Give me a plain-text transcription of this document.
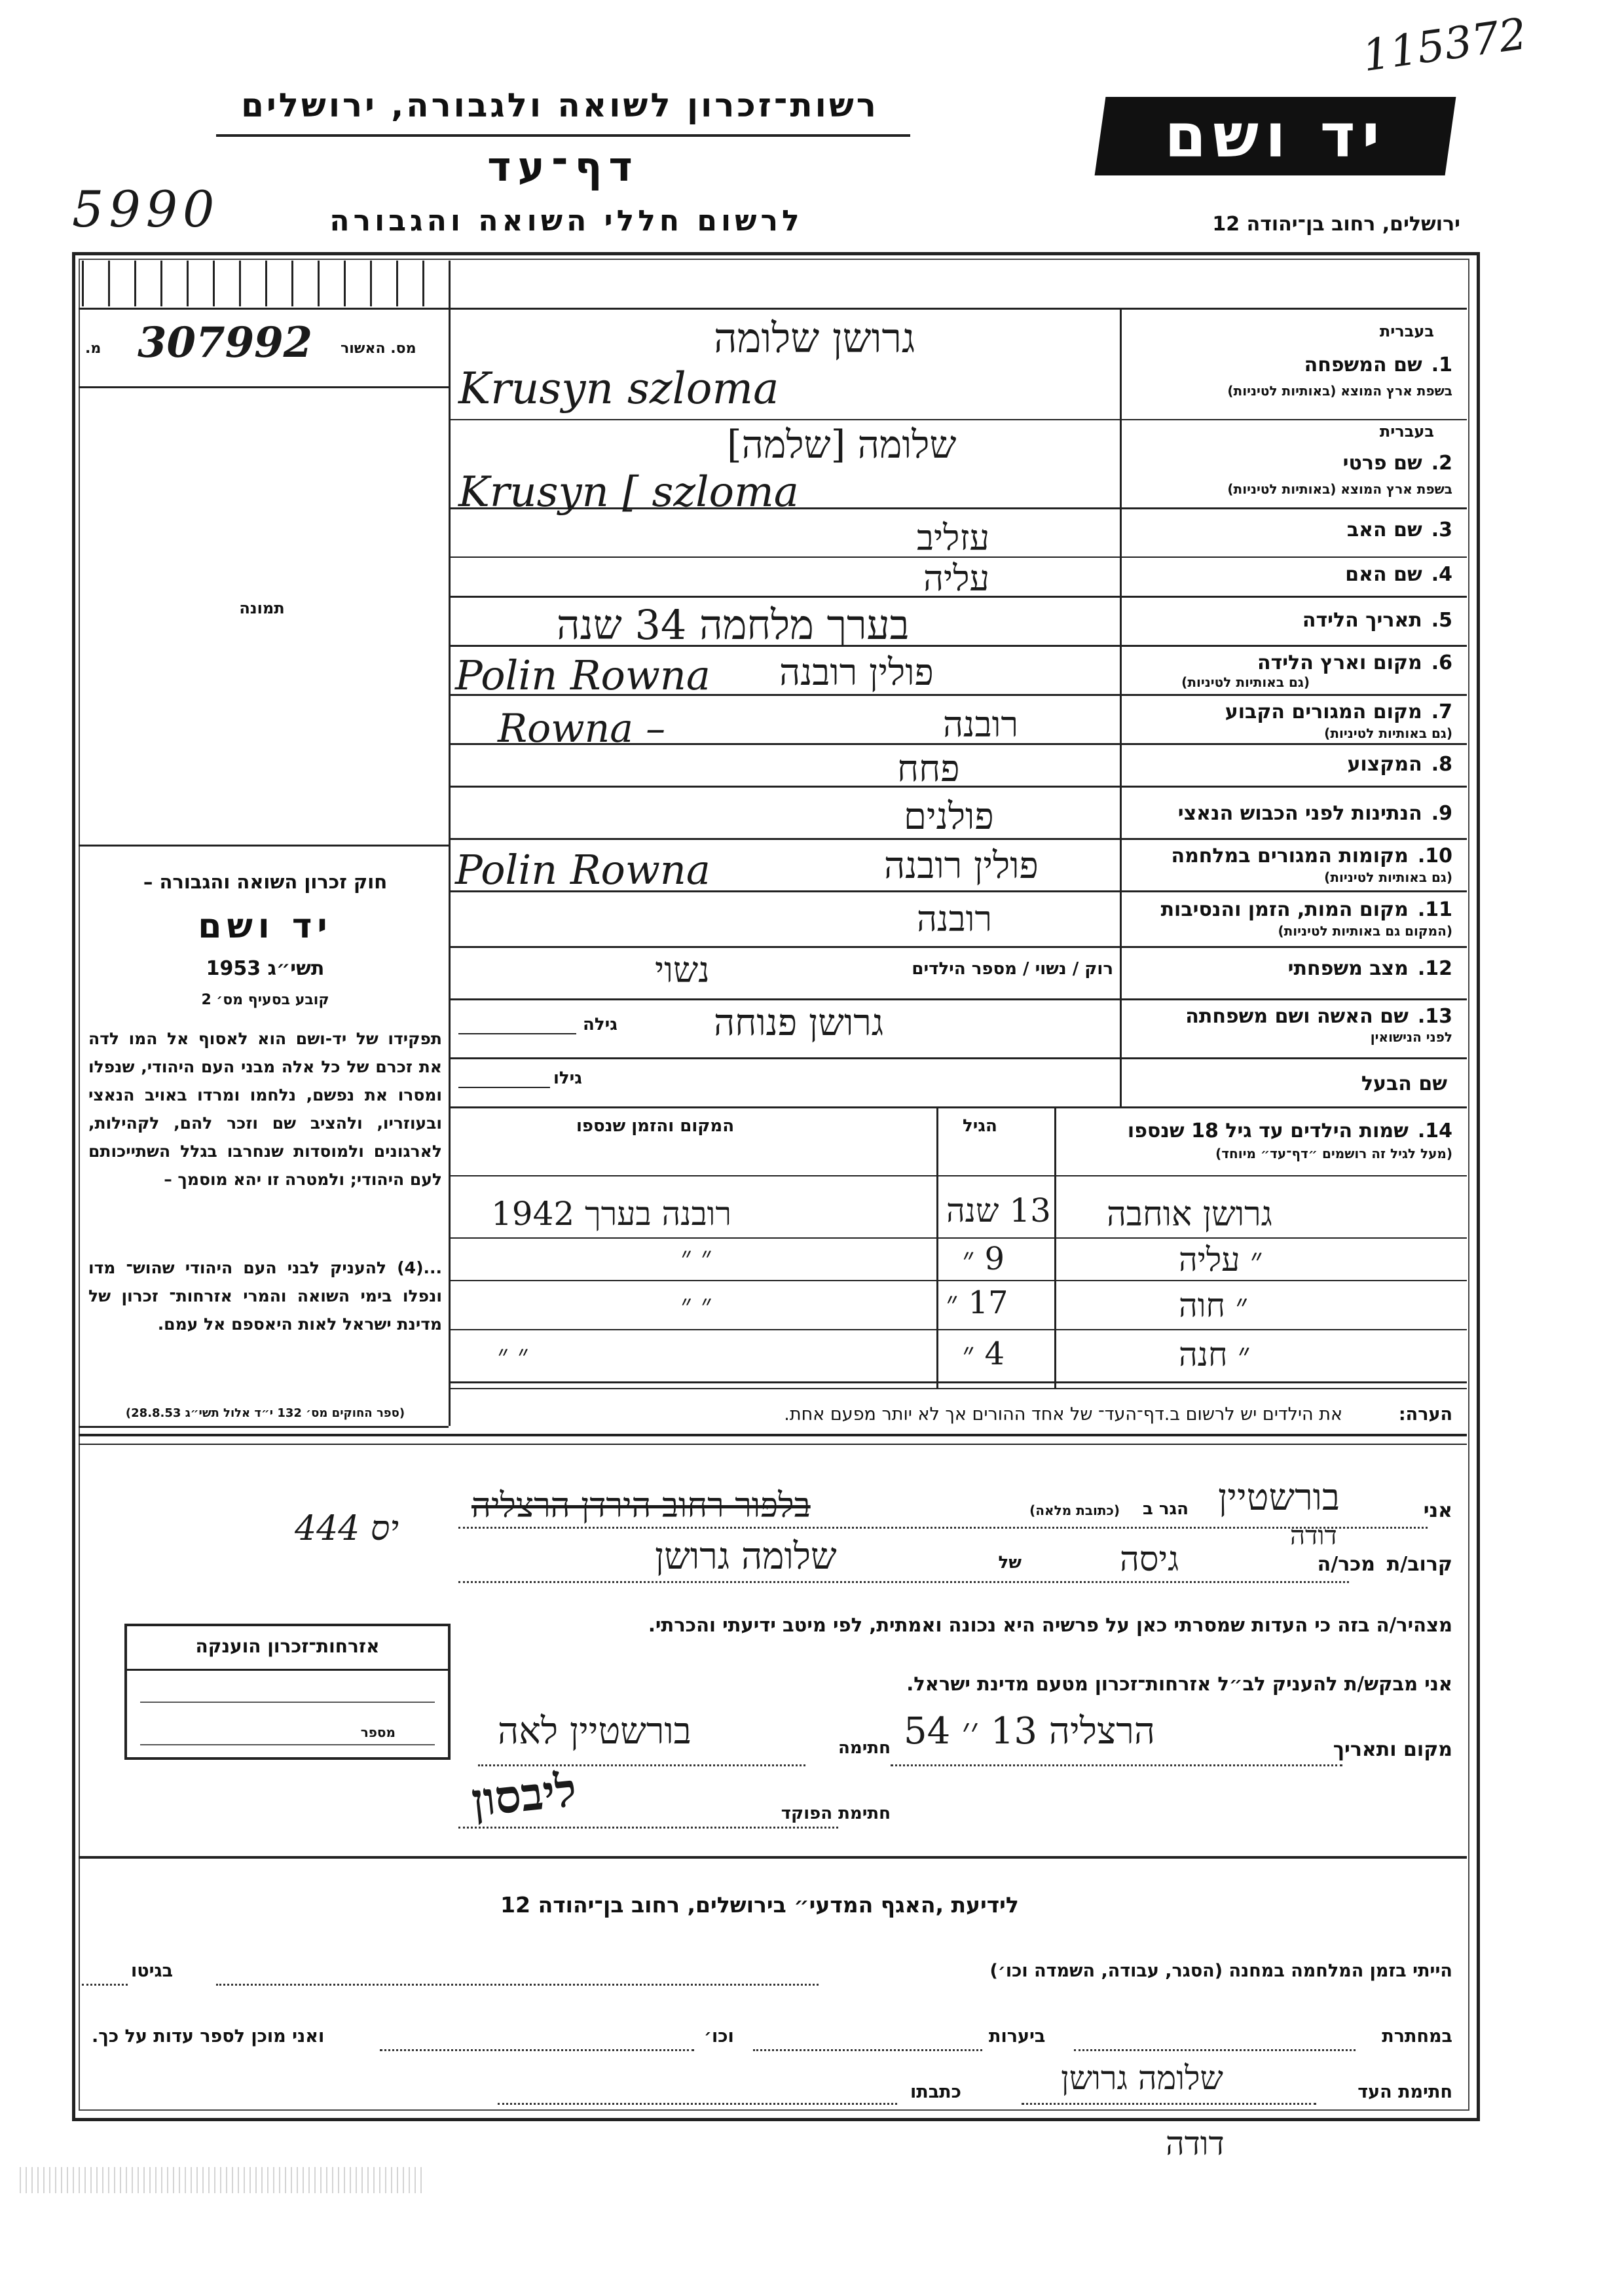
115372
5990
רשות־זכרון לשואה ולגבורה, ירושלים
דף־עד
לרשום חללי השואה והגבורה
יד ושם
ירושלים, רחוב בן־יהודה 12
מ. 307992 מס. האשור
תמונה
חוק זכרון השואה והגבורה –
יד ושם
תשי״ג 1953
קובע בסעיף מס׳ 2
תפקידו של יד-ושם הוא לאסוף אל המו לדה את זכרם של כל אלה מבני העם היהודי, שנפלו ומסרו את נפשם, נלחמו ומרדו באויב הנאצי ובעוזריו, ולהציב שם וזכר להם, לקהילות, לארגונים ולמוסדות שנחרבו בגלל השתייכותם לעם היהודי; ולמטרה זו יהא מוסמך –
...(4) להעניק לבני העם היהודי שהוש־ מדו ונפלו בימי השואה והמרי אזרחות־ זכרון של מדינת ישראל לאות היאספם אל עמם.
(ספר החוקים מס׳ 132 י״ד אלול תשי״ג 28.8.53)
אזרחות־זכרון הוענקה
מספר
בעברית
1.שם המשפחה
בשפת ארץ המוצא (באותיות לטיניות)
גרושן שלומה
Krusyn szloma
בעברית
2.שם פרטי
בשפת ארץ המוצא (באותיות לטיניות)
שלומה [שלמה]
Krusyn [ szloma
3.שם האב
עזליב
4.שם האם
עליה
5.תאריך הלידה
בערך מלחמה 34 שנה
6.מקום וארץ הלידה
(גם באותיות לטיניות)
פולין רובנה
Polin Rowna
7.מקום המגורים הקבוע
(גם באותיות לטיניות)
רובנה
Rowna –
8.המקצוע
פחח
9.הנתינות לפני הכבוש הנאצי
פולנים
10.מקומות המגורים במלחמה
(גם באותיות לטיניות)
פולין רובנה
Polin Rowna
11.מקום המות, הזמן והנסיבות
(המקום גם באותיות לטיניות)
רובנה
12.מצב משפחתי
רוק / נשוי / מספר הילדים
נשוי
13.שם האשה ושם משפחתה
לפני הנישואין
גרושן פנוחה
גילה
שם הבעל
גילו
14.שמות הילדים עד גיל 18 שנספו
(מעל לגיל זה רושמים ״דף־עד״ מיוחד)
הגיל
המקום והזמן שנספו
גרושן אוחבה
13 שנה
רובנה בערך 1942
״ עליה
9 ״
״ ״
״ חוה
17 ״
״ ״
״ חנה
4 ״
״ ״
הערה:
את הילדים יש לרשום ב.דף־העד־ של אחד ההורים אך לא יותר מפעם אחת.
אני
בורשטיין
הגר ב
(כתובת מלאה)
בלפור רחוב הירדן הרצליה
444 יס
קרוב/ת
דודה
מכר/ה
גיסה
של
שלומה גרושן
מצהיר/ה בזה כי העדות שמסרתי כאן על פרשיה היא נכונה ואמתית, לפי מיטב ידיעתי והכרתי.
אני מבקש/ת להעניק לב״ל אזרחות־זכרון מטעם מדינת ישראל.
מקום ותאריך
הרצליה 13 ׳׳ 54
חתימה
בורשטיין לאה
ליבסון	חתימת הפוקד
לידיעת ,האגף המדעי״ בירושלים, רחוב בן־יהודה 12
הייתי בזמן המלחמה במחנה (הסגר, עבודה, השמדה וכו׳)
בגיטו
במחתרת
ביערות
וכו׳
ואני מוכן לספר עדות על כך.
חתימת העד
שלומה גרושן
כתבתו
דודה
